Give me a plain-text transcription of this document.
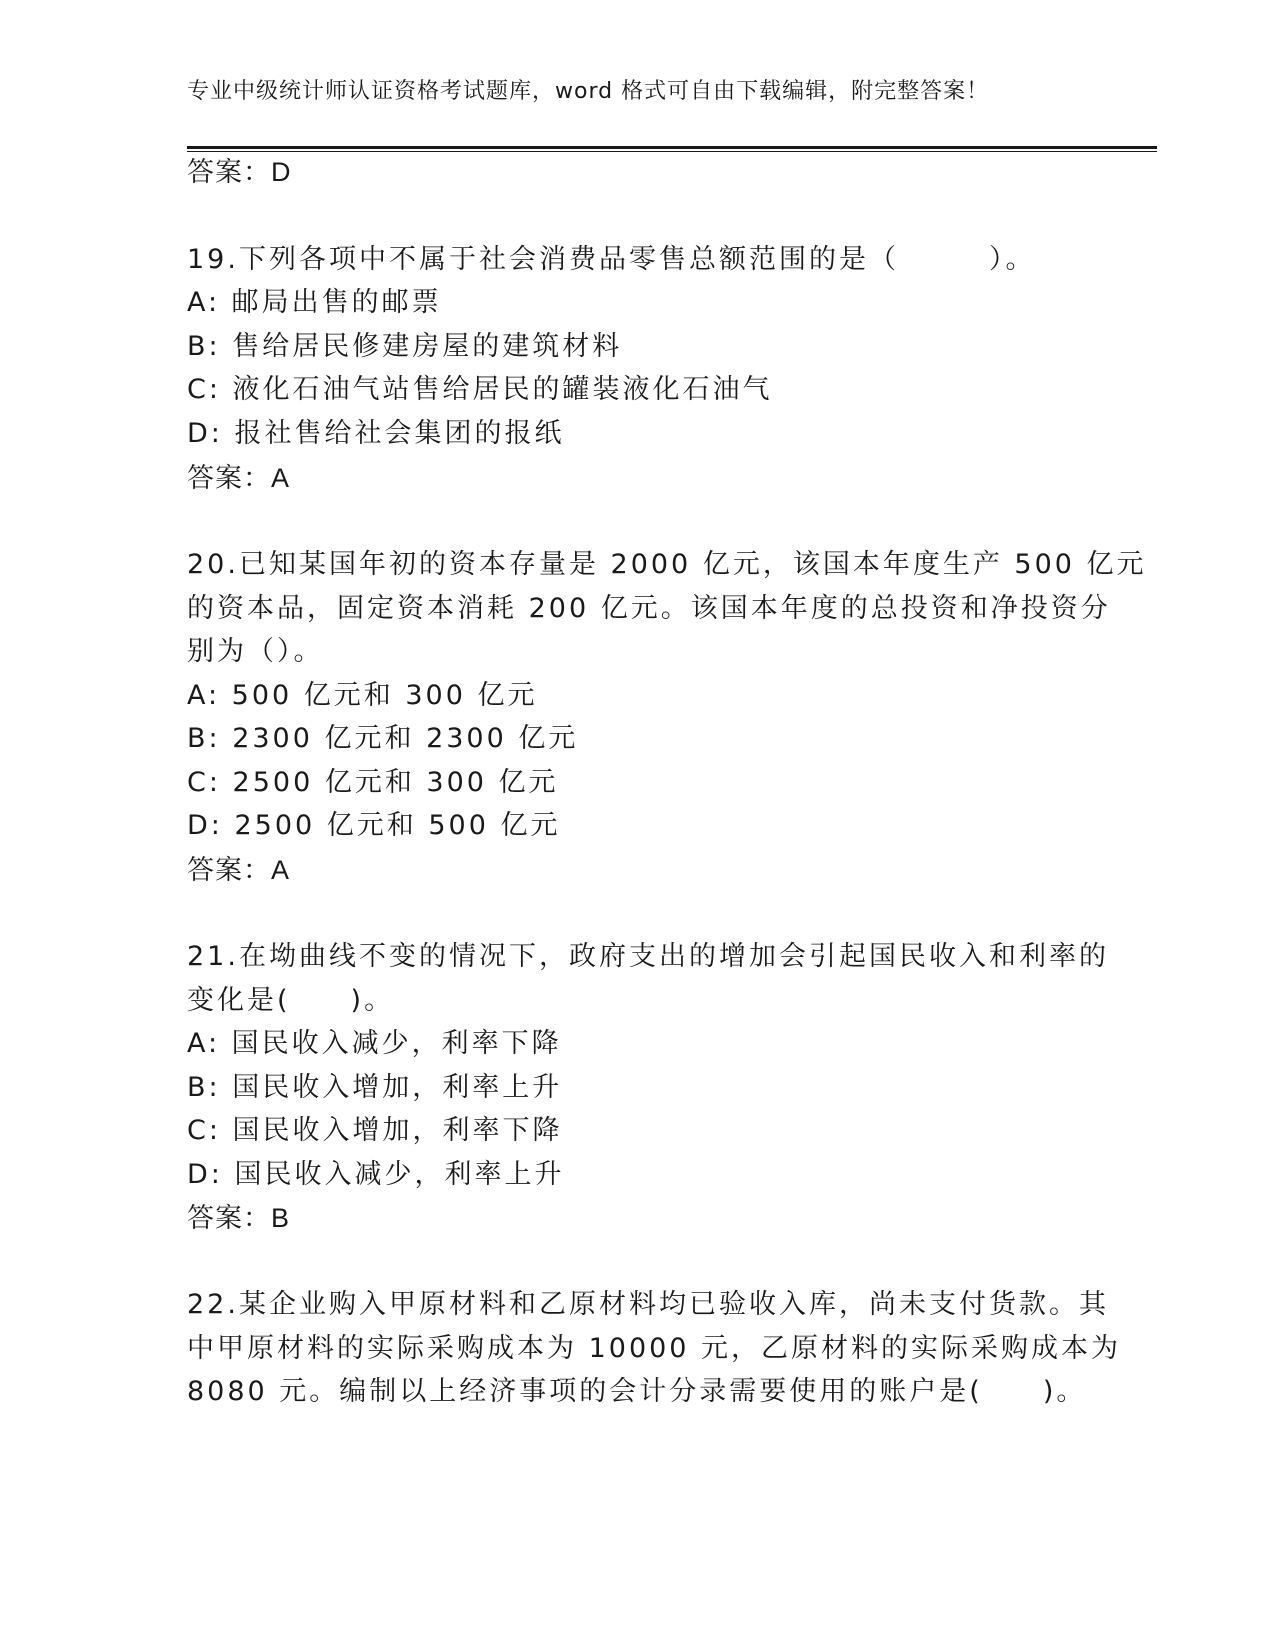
专业中级统计师认证资格考试题库，word 格式可自由下载编辑，附完整答案！
答案：D
19.下列各项中不属于社会消费品零售总额范围的是（　　　）。
A: 邮局出售的邮票
B: 售给居民修建房屋的建筑材料
C: 液化石油气站售给居民的罐装液化石油气
D: 报社售给社会集团的报纸
答案：A
20.已知某国年初的资本存量是 2000 亿元，该国本年度生产 500 亿元
的资本品，固定资本消耗 200 亿元。该国本年度的总投资和净投资分
别为（）。
A: 500 亿元和 300 亿元
B: 2300 亿元和 2300 亿元
C: 2500 亿元和 300 亿元
D: 2500 亿元和 500 亿元
答案：A
21.在坳曲线不变的情况下，政府支出的增加会引起国民收入和利率的
变化是(　　)。
A: 国民收入减少，利率下降
B: 国民收入增加，利率上升
C: 国民收入增加，利率下降
D: 国民收入减少，利率上升
答案：B
22.某企业购入甲原材料和乙原材料均已验收入库，尚未支付货款。其
中甲原材料的实际采购成本为 10000 元，乙原材料的实际采购成本为
8080 元。编制以上经济事项的会计分录需要使用的账户是(　　)。
